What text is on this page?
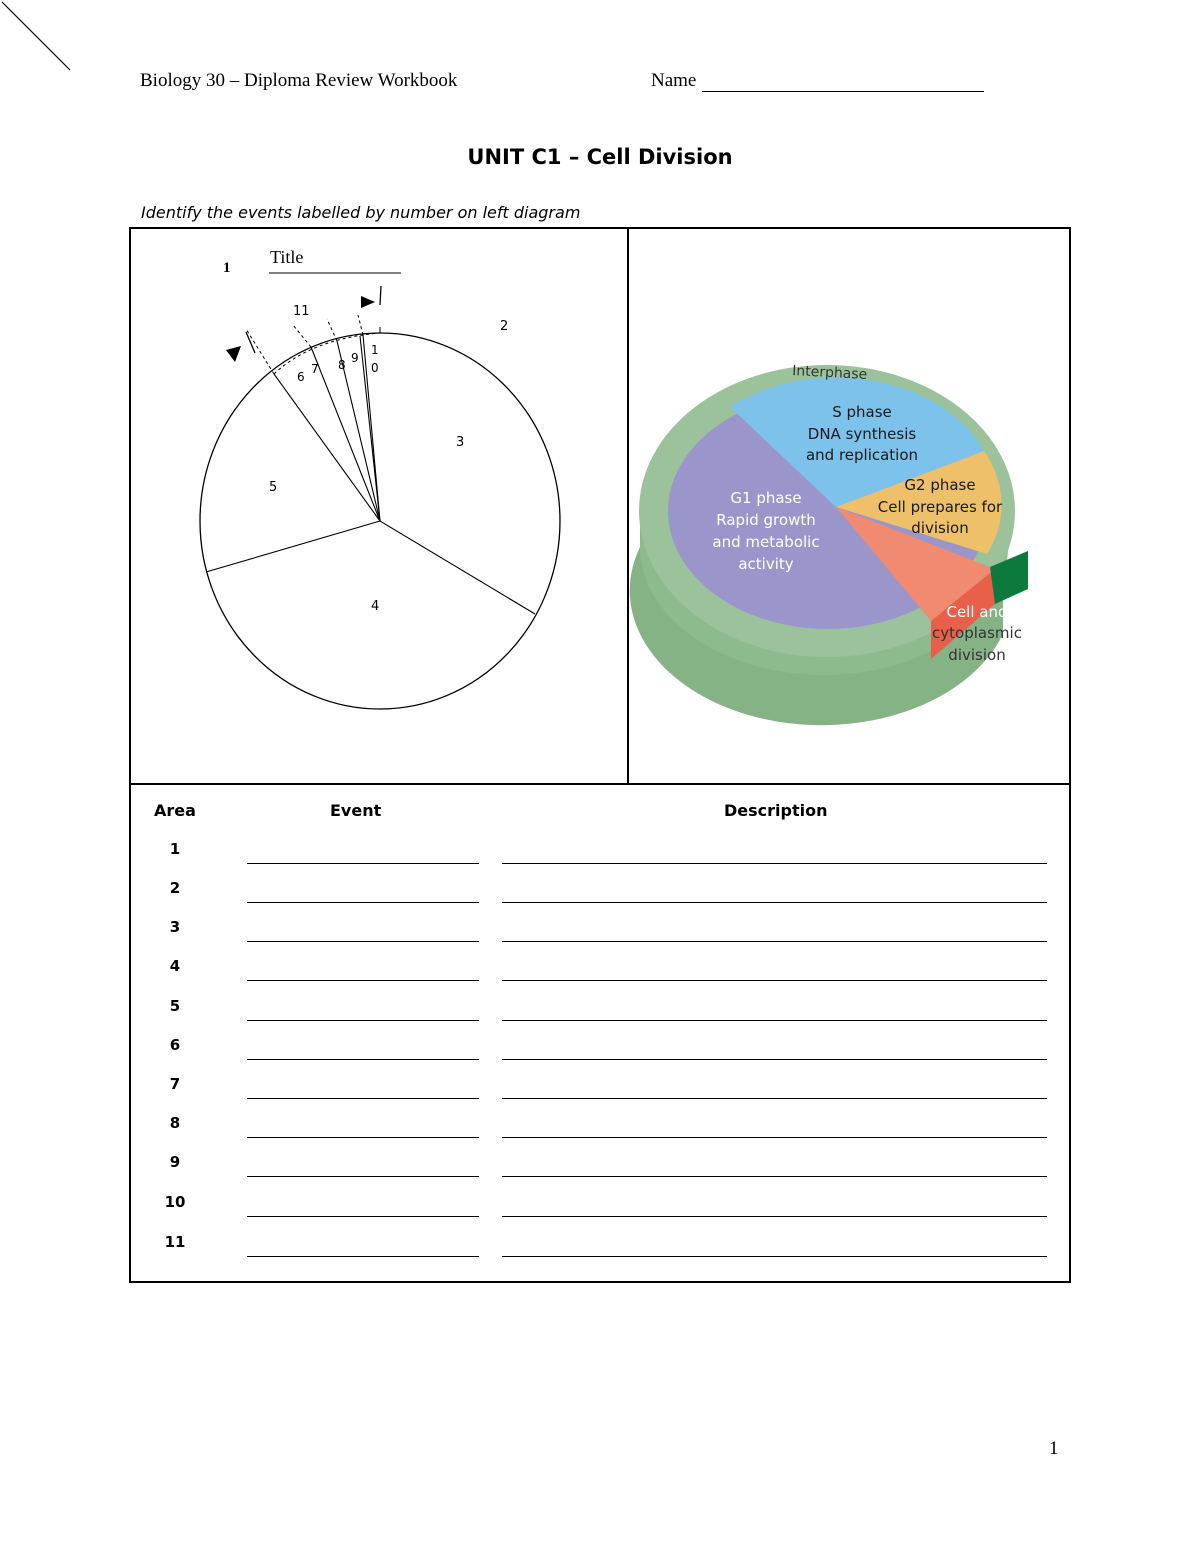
Biology 30 – Diploma Review Workbook	Name
UNIT C1 – Cell Division
Identify the events labelled by number on left diagram
1
Title
11
2
3
4
5
6
7 8 9
1
0	Interphase
S phase
DNA synthesis
and replication
G2 phase
Cell prepares for
division
G1 phase
Rapid growth
and metabolic
activity
Cell and
cytoplasmic
division
Area	Event	Description
1
2
3
4
5
6
7
8
9
10
11
1
